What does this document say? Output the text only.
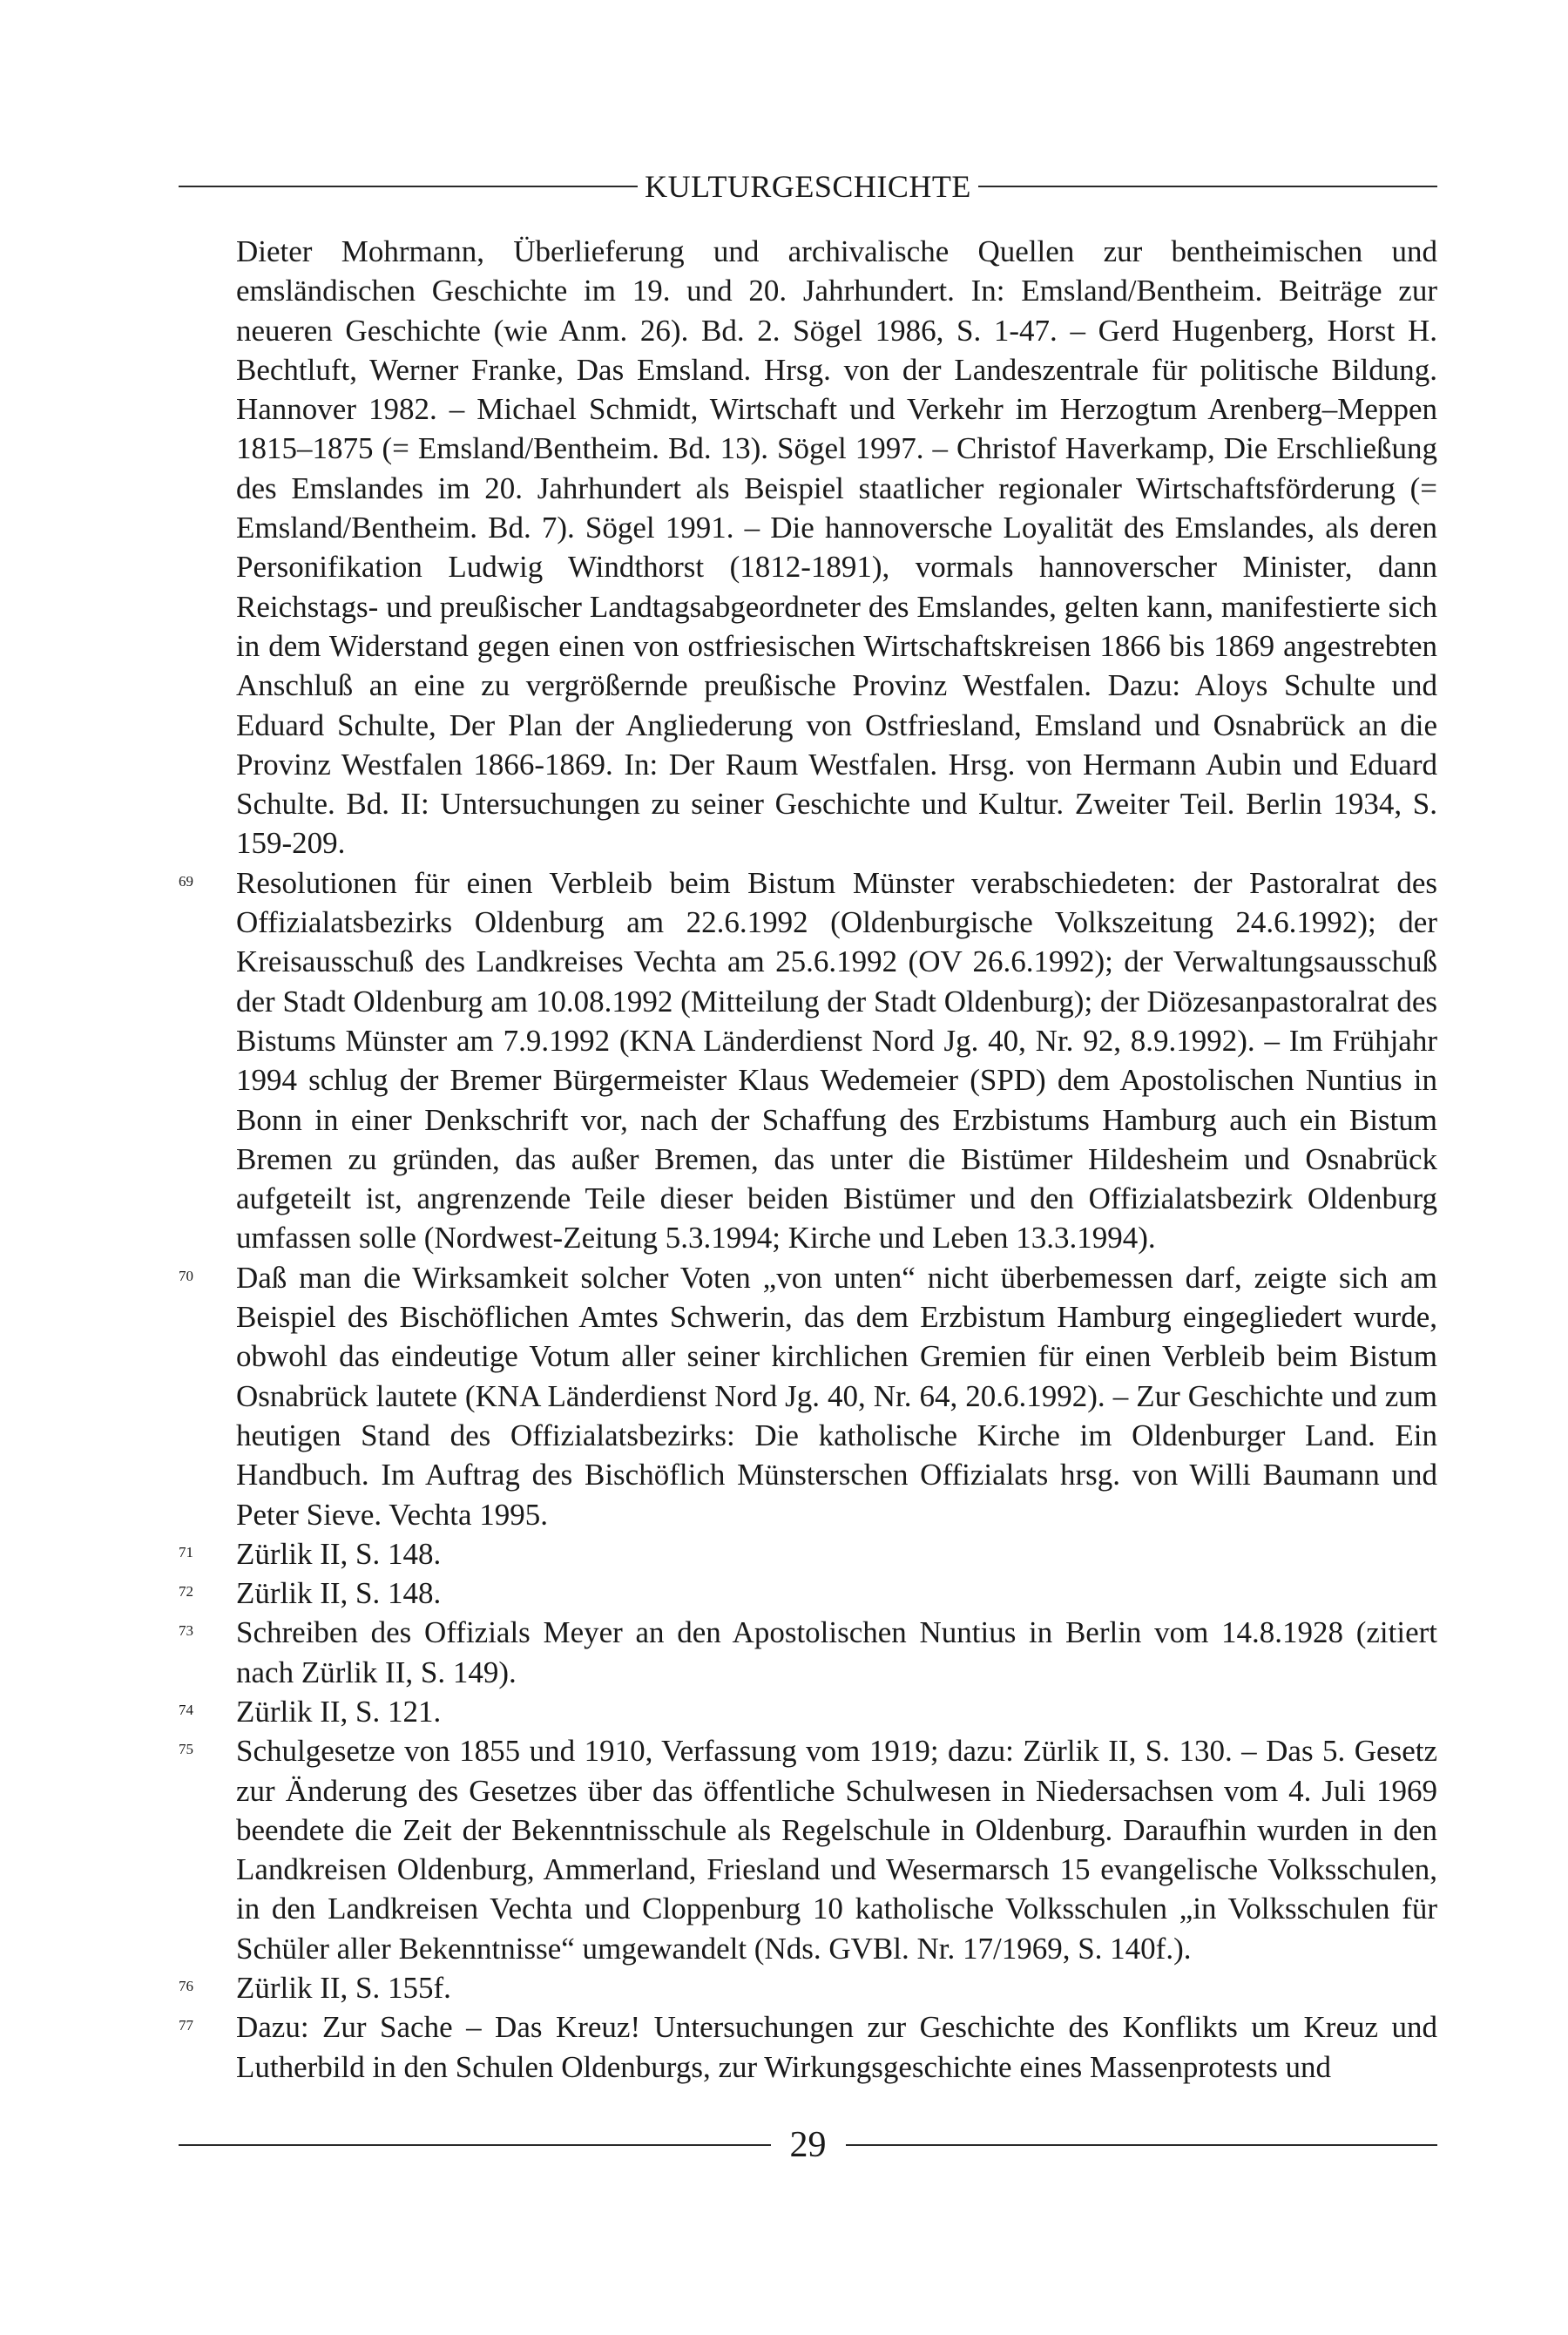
KULTURGESCHICHTE
Dieter Mohrmann, Überlieferung und archivalische Quellen zur bentheimischen und emsländischen Geschichte im 19. und 20. Jahrhundert. In: Emsland/Bentheim. Beiträge zur neueren Geschichte (wie Anm. 26). Bd. 2. Sögel 1986, S. 1-47. – Gerd Hugenberg, Horst H. Bechtluft, Werner Franke, Das Emsland. Hrsg. von der Landeszentrale für politische Bildung. Hannover 1982. – Michael Schmidt, Wirtschaft und Verkehr im Herzogtum Arenberg–Meppen 1815–1875 (= Emsland/Bentheim. Bd. 13). Sögel 1997. – Christof Haverkamp, Die Erschließung des Emslandes im 20. Jahrhundert als Beispiel staatlicher regionaler Wirtschaftsförderung (= Emsland/Bentheim. Bd. 7). Sögel 1991. – Die hannoversche Loyalität des Emslandes, als deren Personifikation Ludwig Windthorst (1812-1891), vormals hannoverscher Minister, dann Reichstags- und preußischer Landtagsabgeordneter des Emslandes, gelten kann, manifestierte sich in dem Widerstand gegen einen von ostfriesischen Wirtschaftskreisen 1866 bis 1869 angestrebten Anschluß an eine zu vergrößernde preußische Provinz Westfalen. Dazu: Aloys Schulte und Eduard Schulte, Der Plan der Angliederung von Ostfriesland, Emsland und Osnabrück an die Provinz Westfalen 1866-1869. In: Der Raum Westfalen. Hrsg. von Hermann Aubin und Eduard Schulte. Bd. II: Untersuchungen zu seiner Geschichte und Kultur. Zweiter Teil. Berlin 1934, S. 159-209.
69	Resolutionen für einen Verbleib beim Bistum Münster verabschiedeten: der Pastoralrat des Offizialatsbezirks Oldenburg am 22.6.1992 (Oldenburgische Volkszeitung 24.6.1992); der Kreisausschuß des Landkreises Vechta am 25.6.1992 (OV 26.6.1992); der Verwaltungsausschuß der Stadt Oldenburg am 10.08.1992 (Mitteilung der Stadt Oldenburg); der Diözesanpastoralrat des Bistums Münster am 7.9.1992 (KNA Länderdienst Nord Jg. 40, Nr. 92, 8.9.1992). – Im Frühjahr 1994 schlug der Bremer Bürgermeister Klaus Wedemeier (SPD) dem Apostolischen Nuntius in Bonn in einer Denkschrift vor, nach der Schaffung des Erzbistums Hamburg auch ein Bistum Bremen zu gründen, das außer Bremen, das unter die Bistümer Hildesheim und Osnabrück aufgeteilt ist, angrenzende Teile dieser beiden Bistümer und den Offizialatsbezirk Oldenburg umfassen solle (Nordwest-Zeitung 5.3.1994; Kirche und Leben 13.3.1994).
70	Daß man die Wirksamkeit solcher Voten „von unten“ nicht überbemessen darf, zeigte sich am Beispiel des Bischöflichen Amtes Schwerin, das dem Erzbistum Hamburg eingegliedert wurde, obwohl das eindeutige Votum aller seiner kirchlichen Gremien für einen Verbleib beim Bistum Osnabrück lautete (KNA Länderdienst Nord Jg. 40, Nr. 64, 20.6.1992). – Zur Geschichte und zum heutigen Stand des Offizialatsbezirks: Die katholische Kirche im Oldenburger Land. Ein Handbuch. Im Auftrag des Bischöflich Münsterschen Offizialats hrsg. von Willi Baumann und Peter Sieve. Vechta 1995.
71	Zürlik II, S. 148.
72	Zürlik II, S. 148.
73	Schreiben des Offizials Meyer an den Apostolischen Nuntius in Berlin vom 14.8.1928 (zitiert nach Zürlik II, S. 149).
74	Zürlik II, S. 121.
75	Schulgesetze von 1855 und 1910, Verfassung vom 1919; dazu: Zürlik II, S. 130. – Das 5. Gesetz zur Änderung des Gesetzes über das öffentliche Schulwesen in Niedersachsen vom 4. Juli 1969 beendete die Zeit der Bekenntnisschule als Regelschule in Oldenburg. Daraufhin wurden in den Landkreisen Oldenburg, Ammerland, Friesland und Wesermarsch 15 evangelische Volksschulen, in den Landkreisen Vechta und Cloppenburg 10 katholische Volksschulen „in Volksschulen für Schüler aller Bekenntnisse“ umgewandelt (Nds. GVBl. Nr. 17/1969, S. 140f.).
76	Zürlik II, S. 155f.
77	Dazu: Zur Sache – Das Kreuz! Untersuchungen zur Geschichte des Konflikts um Kreuz und Lutherbild in den Schulen Oldenburgs, zur Wirkungsgeschichte eines Massenprotests und
29
